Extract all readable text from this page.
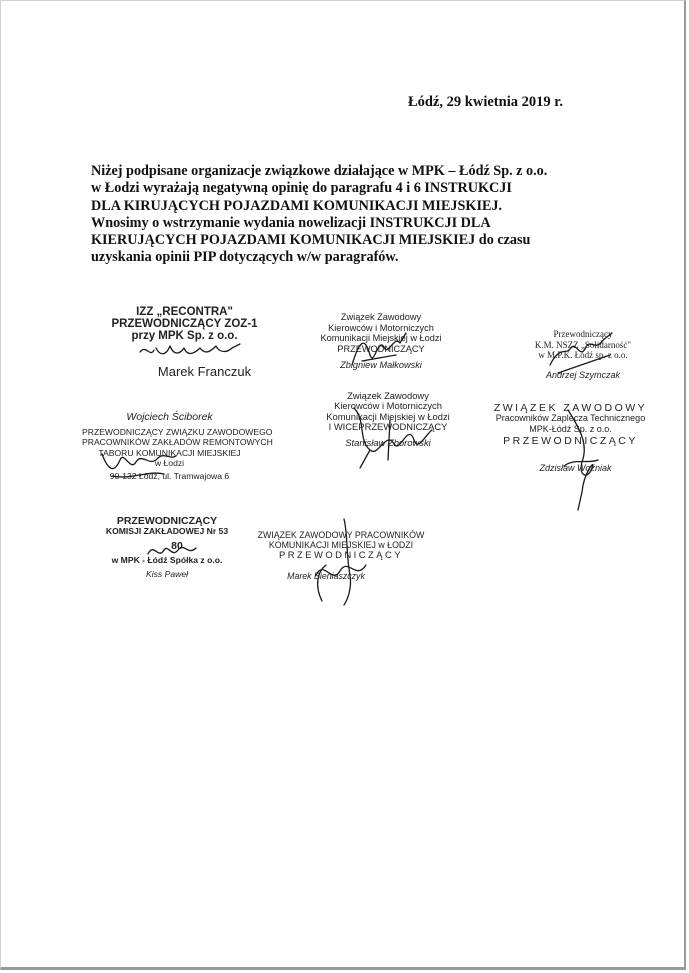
Łódź, 29 kwietnia 2019 r.
Niżej podpisane organizacje związkowe działające w MPK – Łódź Sp. z o.o.
w Łodzi wyrażają negatywną opinię do paragrafu 4 i 6 INSTRUKCJI
DLA KIRUJĄCYCH POJAZDAMI KOMUNIKACJI MIEJSKIEJ.
Wnosimy o wstrzymanie wydania nowelizacji INSTRUKCJI DLA
KIERUJĄCYCH POJAZDAMI KOMUNIKACJI MIEJSKIEJ do czasu
uzyskania opinii PIP dotyczących w/w paragrafów.
IZZ „RECONTRA"
PRZEWODNICZĄCY ZOZ-1
przy MPK Sp. z o.o.
Marek Franczuk
Związek Zawodowy
Kierowców i Motorniczych
Komunikacji Miejskiej w Łodzi
PRZEWODNICZĄCY
Zbigniew Małkowski
Przewodniczący
K.M. NSZZ „Solidarność"
w M.P.K. Łódź sp. z o.o.
Andrzej Szymczak
Związek Zawodowy
Kierowców i Motorniczych
Komunikacji Miejskiej w Łodzi
I WICEPRZEWODNICZĄCY
Stanisław Zborowski
Wojciech Ściborek
PRZEWODNICZĄCY ZWIĄZKU ZAWODOWEGO
PRACOWNIKÓW ZAKŁADÓW REMONTOWYCH
TABORU KOMUNIKACJI MIEJSKIEJ
w Łodzi
90-132 Łódź, ul. Tramwajowa 6
ZWIĄZEK ZAWODOWY
Pracowników Zaplecza Technicznego
MPK-Łódź Sp. z o.o.
PRZEWODNICZĄCY
Zdzisław Woźniak
PRZEWODNICZĄCY
KOMISJI ZAKŁADOWEJ Nr 53
80
w MPK - Łódź Spółka z o.o.
Kiss Paweł
ZWIĄZEK ZAWODOWY PRACOWNIKÓW
KOMUNIKACJI MIEJSKIEJ w ŁODZI
PRZEWODNICZĄCY
Marek Bieniaszczyk
